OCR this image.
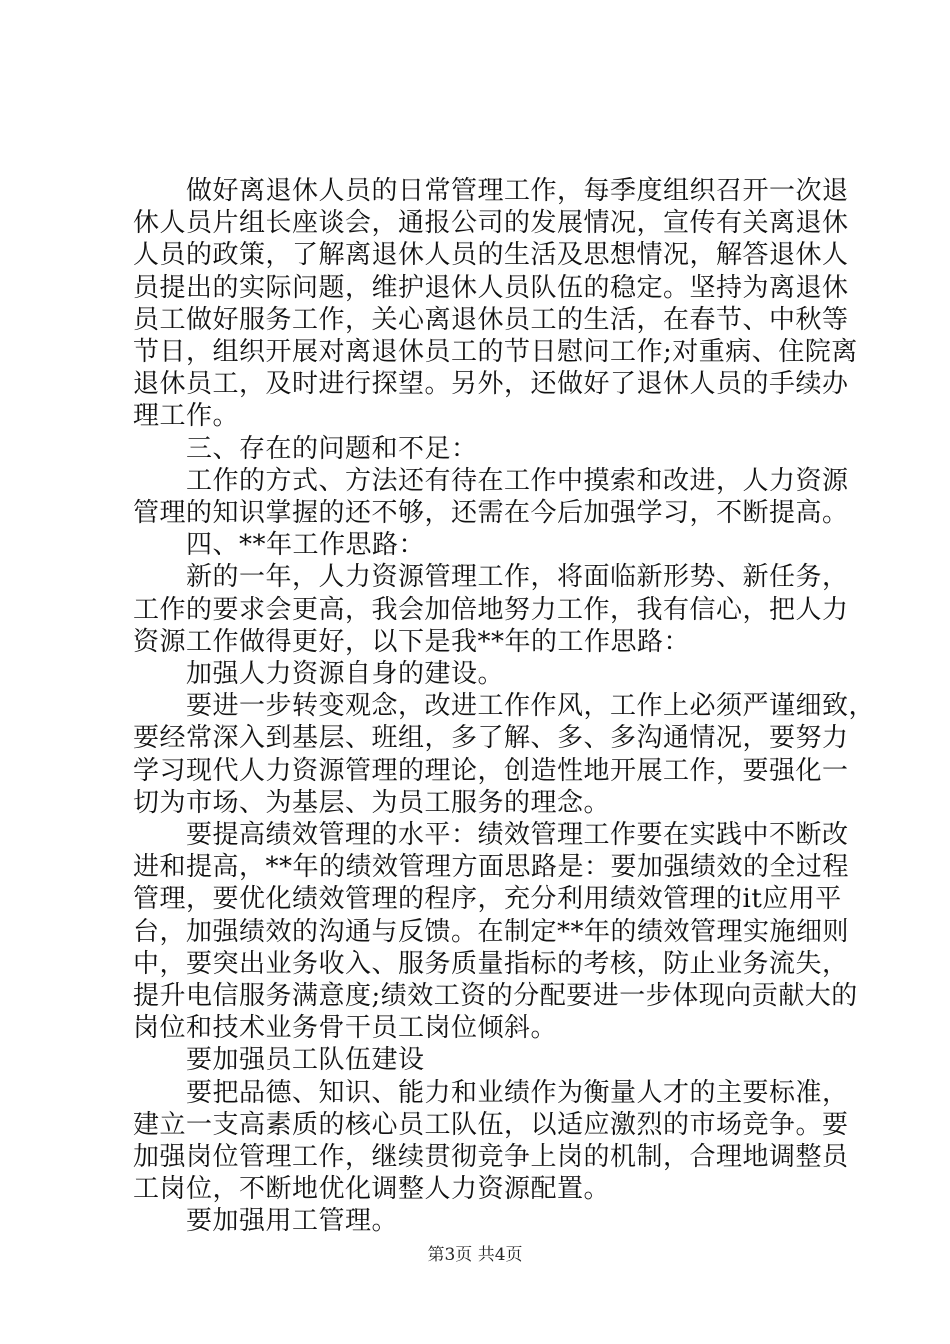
　　做好离退休人员的日常管理工作，每季度组织召开一次退
休人员片组长座谈会，通报公司的发展情况，宣传有关离退休
人员的政策，了解离退休人员的生活及思想情况，解答退休人
员提出的实际问题，维护退休人员队伍的稳定。坚持为离退休
员工做好服务工作，关心离退休员工的生活，在春节、中秋等
节日，组织开展对离退休员工的节日慰问工作;对重病、住院离
退休员工，及时进行探望。另外，还做好了退休人员的手续办
理工作。
　　三、存在的问题和不足：
　　工作的方式、方法还有待在工作中摸索和改进，人力资源
管理的知识掌握的还不够，还需在今后加强学习，不断提高。
　　四、**年工作思路：
　　新的一年，人力资源管理工作，将面临新形势、新任务，
工作的要求会更高，我会加倍地努力工作，我有信心，把人力
资源工作做得更好，以下是我**年的工作思路：
　　加强人力资源自身的建设。
　　要进一步转变观念，改进工作作风，工作上必须严谨细致，
要经常深入到基层、班组，多了解、多、多沟通情况，要努力
学习现代人力资源管理的理论，创造性地开展工作，要强化一
切为市场、为基层、为员工服务的理念。
　　要提高绩效管理的水平：绩效管理工作要在实践中不断改
进和提高，**年的绩效管理方面思路是：要加强绩效的全过程
管理，要优化绩效管理的程序，充分利用绩效管理的it应用平
台，加强绩效的沟通与反馈。在制定**年的绩效管理实施细则
中，要突出业务收入、服务质量指标的考核，防止业务流失，
提升电信服务满意度;绩效工资的分配要进一步体现向贡献大的
岗位和技术业务骨干员工岗位倾斜。
　　要加强员工队伍建设
　　要把品德、知识、能力和业绩作为衡量人才的主要标准，
建立一支高素质的核心员工队伍，以适应激烈的市场竞争。要
加强岗位管理工作，继续贯彻竞争上岗的机制，合理地调整员
工岗位，不断地优化调整人力资源配置。
　　要加强用工管理。
第3页 共4页
